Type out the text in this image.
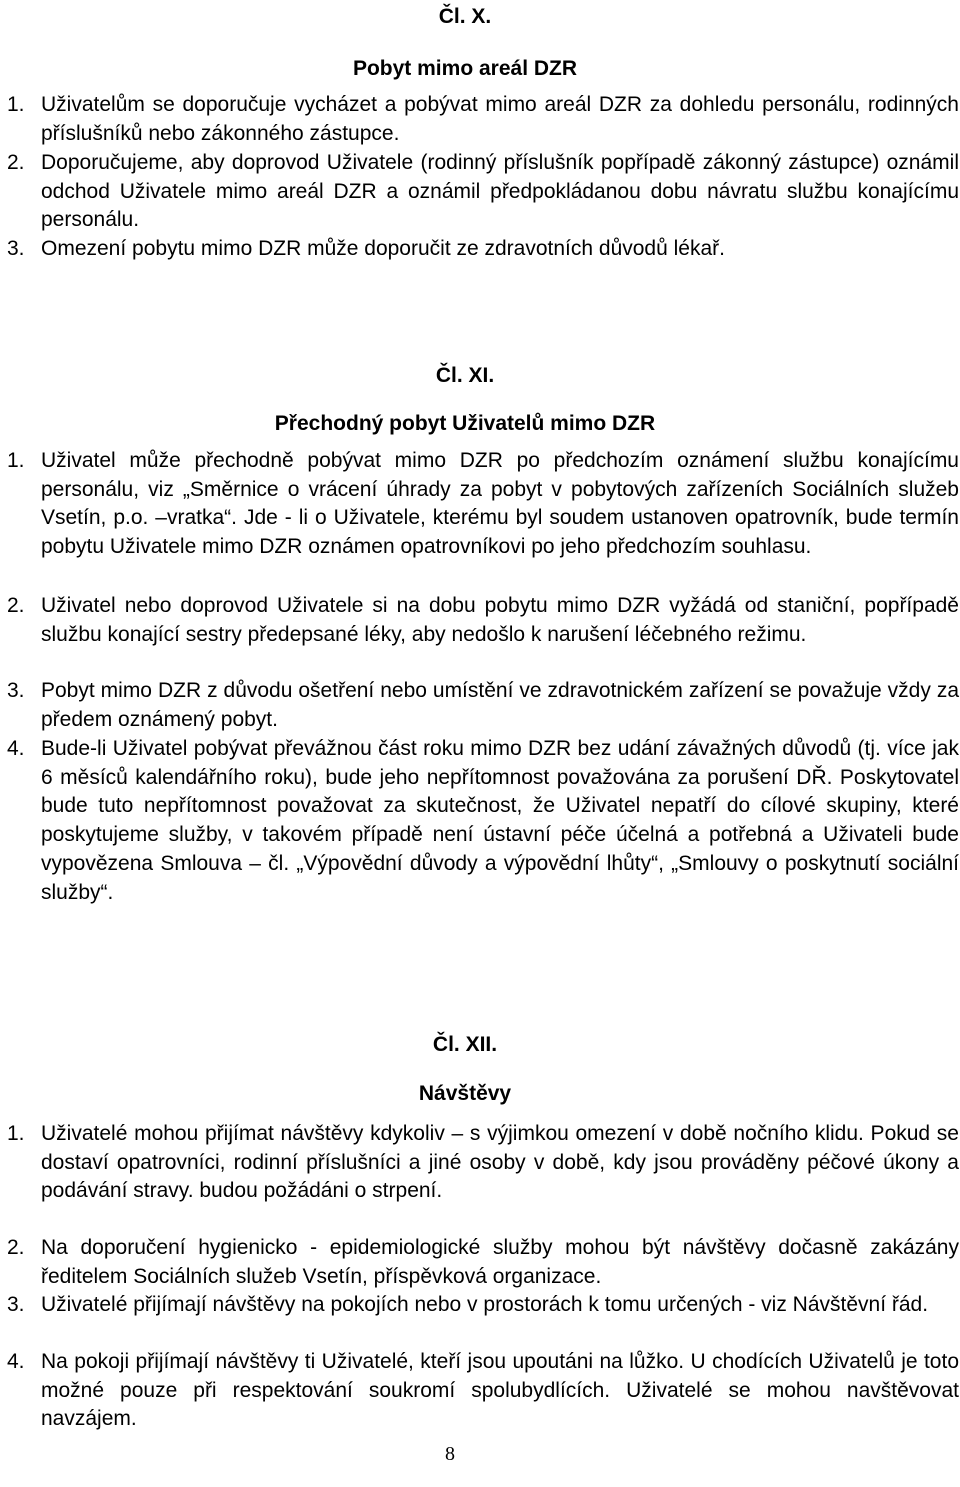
Čl. X.
Pobyt mimo areál DZR
1. Uživatelům se doporučuje vycházet a pobývat mimo areál DZR za dohledu personálu, rodinných příslušníků nebo zákonného zástupce.
2. Doporučujeme, aby doprovod Uživatele (rodinný příslušník popřípadě zákonný zástupce) oznámil odchod Uživatele mimo areál DZR a oznámil předpokládanou dobu návratu službu konajícímu personálu.
3. Omezení pobytu mimo DZR může doporučit ze zdravotních důvodů lékař.
Čl. XI.
Přechodný pobyt Uživatelů mimo DZR
1. Uživatel může přechodně pobývat mimo DZR po předchozím oznámení službu konajícímu personálu, viz „Směrnice o vrácení úhrady za pobyt v pobytových zařízeních Sociálních služeb Vsetín, p.o. –vratka“. Jde - li o Uživatele, kterému byl soudem ustanoven opatrovník, bude termín pobytu Uživatele mimo DZR oznámen opatrovníkovi po jeho předchozím souhlasu.
2. Uživatel nebo doprovod Uživatele si na dobu pobytu mimo DZR vyžádá od staniční, popřípadě službu konající sestry předepsané léky, aby nedošlo k narušení léčebného režimu.
3. Pobyt mimo DZR z důvodu ošetření nebo umístění ve zdravotnickém zařízení se považuje vždy za předem oznámený pobyt.
4. Bude-li Uživatel pobývat převážnou část roku mimo DZR bez udání závažných důvodů (tj. více jak 6 měsíců kalendářního roku), bude jeho nepřítomnost považována za porušení DŘ. Poskytovatel bude tuto nepřítomnost považovat za skutečnost, že Uživatel nepatří do cílové skupiny, které poskytujeme služby, v takovém případě není ústavní péče účelná a potřebná a Uživateli bude vypovězena Smlouva – čl. „Výpovědní důvody a výpovědní lhůty“, „Smlouvy o poskytnutí sociální služby“.
Čl. XII.
Návštěvy
1. Uživatelé mohou přijímat návštěvy kdykoliv – s výjimkou omezení v době nočního klidu. Pokud se dostaví opatrovníci, rodinní příslušníci a jiné osoby v době, kdy jsou prováděny péčové úkony a podávání stravy. budou požádáni o strpení.
2. Na doporučení hygienicko - epidemiologické služby mohou být návštěvy dočasně zakázány ředitelem Sociálních služeb Vsetín, příspěvková organizace.
3. Uživatelé přijímají návštěvy na pokojích nebo v prostorách k tomu určených - viz Návštěvní řád.
4. Na pokoji přijímají návštěvy ti Uživatelé, kteří jsou upoutáni na lůžko. U chodících Uživatelů je toto možné pouze při respektování soukromí spolubydlících. Uživatelé se mohou navštěvovat navzájem.
8
